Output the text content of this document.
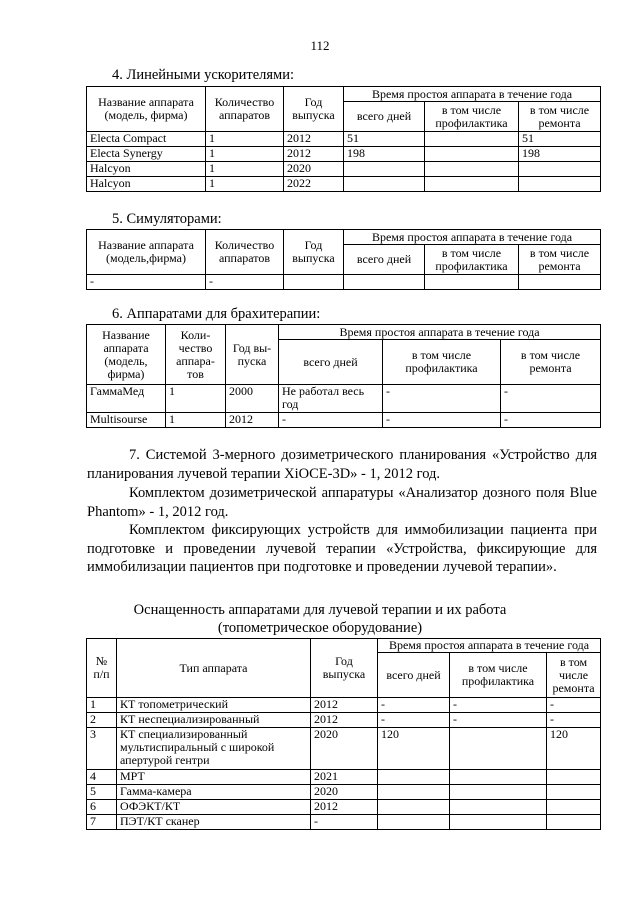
112
4. Линейными ускорителями:
Название аппарата (модель, фирма)	Количество аппаратов	Год выпуска	Время простоя аппарата в течение года		
			всего дней	в том числе профилактика	в том числе ремонта
Electa Compact	1	2012	51		51
Electa Synergy	1	2012	198		198
Halcyon	1	2020			
Halcyon	1	2022			
5. Симуляторами:
Название аппарата (модель,фирма)	Количество аппаратов	Год выпуска	Время простоя аппарата в течение года		
			всего дней	в том числе профилактика	в том числе ремонта
-	-				
6. Аппаратами для брахитерапии:
Название аппарата (модель, фирма)	Коли-чество аппара-тов	Год вы-пуска	Время простоя аппарата в течение года		
			всего дней	в том числе профилактика	в том числе ремонта
ГаммаМед	1	2000	Не работал весь год	-	-
Multisourse	1	2012	-	-	-
7. Системой 3-мерного дозиметрического планирования «Устройство для планирования лучевой терапии XiOCE-3D» - 1, 2012 год.
Комплектом дозиметрической аппаратуры «Анализатор дозного поля Blue Phantom» - 1, 2012 год.
Комплектом фиксирующих устройств для иммобилизации пациента при подготовке и проведении лучевой терапии «Устройства, фиксирующие для иммобилизации пациентов при подготовке и проведении лучевой терапии».
Оснащенность аппаратами для лучевой терапии и их работа
(топометрическое оборудование)
№ п/п	Тип аппарата	Год выпуска	Время простоя аппарата в течение года		
			всего дней	в том числе профилактика	в том числе ремонта
1	КТ топометрический	2012	-	-	-
2	КТ неспециализированный	2012	-	-	-
3	КТ специализированный мультиспиральный с широкой апертурой гентри	2020	120		120
4	МРТ	2021			
5	Гамма-камера	2020			
6	ОФЭКТ/КТ	2012			
7	ПЭТ/КТ сканер	-			
